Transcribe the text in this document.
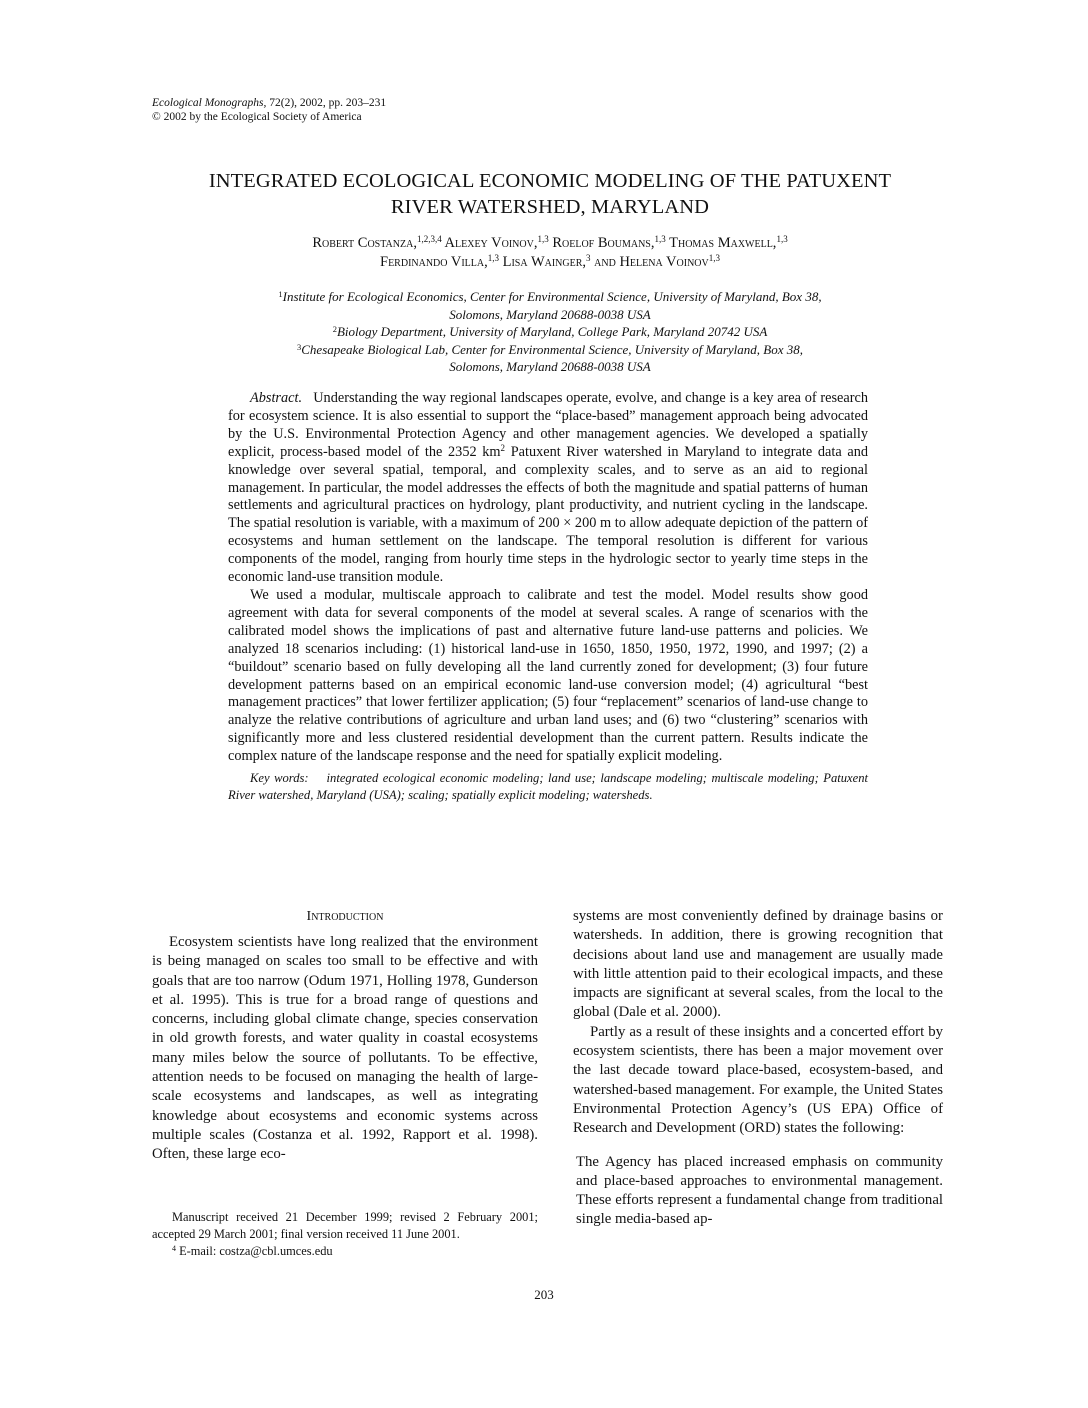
Ecological Monographs, 72(2), 2002, pp. 203–231
© 2002 by the Ecological Society of America
INTEGRATED ECOLOGICAL ECONOMIC MODELING OF THE PATUXENT
RIVER WATERSHED, MARYLAND
Robert Costanza,$^{1,2,3,4}$ Alexey Voinov,$^{1,3}$ Roelof Boumans,$^{1,3}$ Thomas Maxwell,$^{1,3}$
Ferdinando Villa,$^{1,3}$ Lisa Wainger,$^3$ and Helena Voinov$^{1,3}$
$^1$Institute for Ecological Economics, Center for Environmental Science, University of Maryland, Box 38,
Solomons, Maryland 20688-0038 USA
$^2$Biology Department, University of Maryland, College Park, Maryland 20742 USA
$^3$Chesapeake Biological Lab, Center for Environmental Science, University of Maryland, Box 38,
Solomons, Maryland 20688-0038 USA

Abstract. Understanding the way regional landscapes operate, evolve, and change is a key area of research for ecosystem science. It is also essential to support the “place-based” management approach being advocated by the U.S. Environmental Protection Agency and other management agencies. We developed a spatially explicit, process-based model of the 2352 $km^2$ Patuxent River watershed in Maryland to integrate data and knowledge over several spatial, temporal, and complexity scales, and to serve as an aid to regional management. In particular, the model addresses the effects of both the magnitude and spatial patterns of human settlements and agricultural practices on hydrology, plant productivity, and nutrient cycling in the landscape. The spatial resolution is variable, with a maximum of 200 × 200 m to allow adequate depiction of the pattern of ecosystems and human settlement on the landscape. The temporal resolution is different for various components of the model, ranging from hourly time steps in the hydrologic sector to yearly time steps in the economic land-use transition module.

We used a modular, multiscale approach to calibrate and test the model. Model results show good agreement with data for several components of the model at several scales. A range of scenarios with the calibrated model shows the implications of past and alternative future land-use patterns and policies. We analyzed 18 scenarios including: (1) historical land-use in 1650, 1850, 1950, 1972, 1990, and 1997; (2) a “buildout” scenario based on fully developing all the land currently zoned for development; (3) four future development patterns based on an empirical economic land-use conversion model; (4) agricultural “best management practices” that lower fertilizer application; (5) four “replacement” scenarios of land-use change to analyze the relative contributions of agriculture and urban land uses; and (6) two “clustering” scenarios with significantly more and less clustered residential development than the current pattern. Results indicate the complex nature of the landscape response and the need for spatially explicit modeling.

Key words: integrated ecological economic modeling; land use; landscape modeling; multiscale modeling; Patuxent River watershed, Maryland (USA); scaling; spatially explicit modeling; watersheds.

Introduction

Ecosystem scientists have long realized that the environment is being managed on scales too small to be effective and with goals that are too narrow (Odum 1971, Holling 1978, Gunderson et al. 1995). This is true for a broad range of questions and concerns, including global climate change, species conservation in old growth forests, and water quality in coastal ecosystems many miles below the source of pollutants. To be effective, attention needs to be focused on managing the health of large-scale ecosystems and landscapes, as well as integrating knowledge about ecosystems and economic systems across multiple scales (Costanza et al. 1992, Rapport et al. 1998). Often, these large eco-

systems are most conveniently defined by drainage basins or watersheds. In addition, there is growing recognition that decisions about land use and management are usually made with little attention paid to their ecological impacts, and these impacts are significant at several scales, from the local to the global (Dale et al. 2000).

Partly as a result of these insights and a concerted effort by ecosystem scientists, there has been a major movement over the last decade toward place-based, ecosystem-based, and watershed-based management. For example, the United States Environmental Protection Agency’s (US EPA) Office of Research and Development (ORD) states the following:

The Agency has placed increased emphasis on community and place-based approaches to environmental management. These efforts represent a fundamental change from traditional single media-based ap-

Manuscript received 21 December 1999; revised 2 February 2001; accepted 29 March 2001; final version received 11 June 2001.

$^4$ E-mail: costza@cbl.umces.edu

203
